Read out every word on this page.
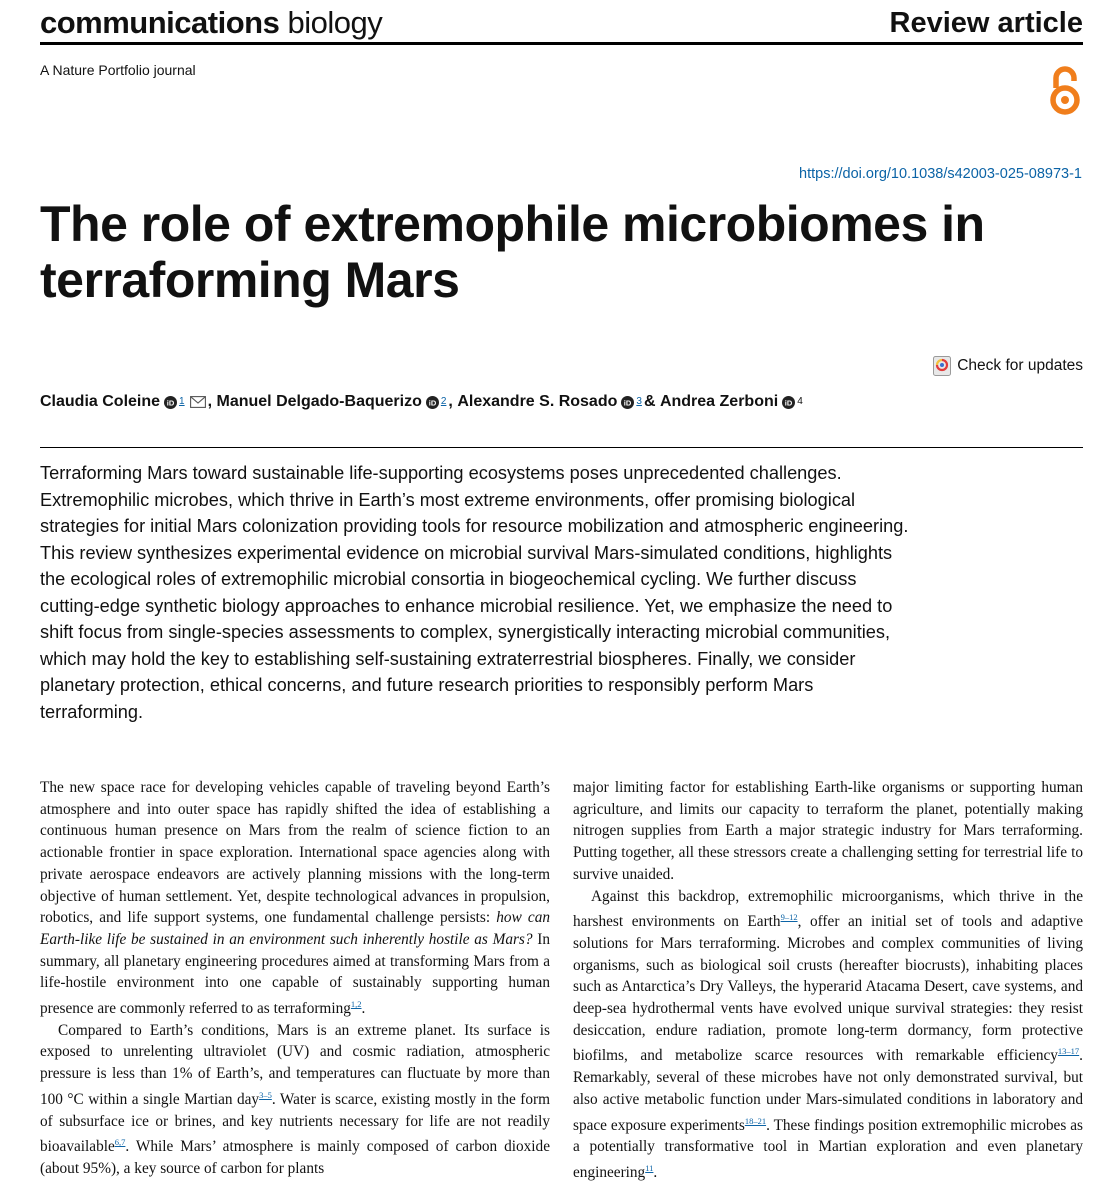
communications biology	Review article
A Nature Portfolio journal
https://doi.org/10.1038/s42003-025-08973-1
The role of extremophile microbiomes in terraforming Mars
Check for updates
Claudia Coleine iD 1 ,
Manuel Delgado-Baquerizo iD 2 ,
Alexandre S. Rosado iD 3 &
Andrea Zerboni iD 4

Terraforming Mars toward sustainable life-supporting ecosystems poses unprecedented challenges. Extremophilic microbes, which thrive in Earth’s most extreme environments, offer promising biological strategies for initial Mars colonization providing tools for resource mobilization and atmospheric engineering. This review synthesizes experimental evidence on microbial survival Mars-simulated conditions, highlights the ecological roles of extremophilic microbial consortia in biogeochemical cycling. We further discuss cutting-edge synthetic biology approaches to enhance microbial resilience. Yet, we emphasize the need to shift focus from single-species assessments to complex, synergistically interacting microbial communities, which may hold the key to establishing self-sustaining extraterrestrial biospheres. Finally, we consider planetary protection, ethical concerns, and future research priorities to responsibly perform Mars terraforming.

The new space race for developing vehicles capable of traveling beyond Earth’s atmosphere and into outer space has rapidly shifted the idea of establishing a continuous human presence on Mars from the realm of science fiction to an actionable frontier in space exploration. International space agencies along with private aerospace endeavors are actively planning missions with the long-term objective of human settlement. Yet, despite technological advances in propulsion, robotics, and life support systems, one fundamental challenge persists: how can Earth-like life be sustained in an environment such inherently hostile as Mars? In summary, all planetary engineering procedures aimed at transforming Mars from a life-hostile environment into one capable of sustainably supporting human presence are commonly referred to as terraforming$^{1,2}$.

Compared to Earth’s conditions, Mars is an extreme planet. Its surface is exposed to unrelenting ultraviolet (UV) and cosmic radiation, atmospheric pressure is less than 1% of Earth’s, and temperatures can fluctuate by more than 100 °C within a single Martian day$^{3-5}$. Water is scarce, existing mostly in the form of subsurface ice or brines, and key nutrients necessary for life are not readily bioavailable$^{6,7}$. While Mars’ atmosphere is mainly composed of carbon dioxide (about 95%), a key source of carbon for plants

major limiting factor for establishing Earth-like organisms or supporting human agriculture, and limits our capacity to terraform the planet, potentially making nitrogen supplies from Earth a major strategic industry for Mars terraforming. Putting together, all these stressors create a challenging setting for terrestrial life to survive unaided.

Against this backdrop, extremophilic microorganisms, which thrive in the harshest environments on Earth$^{9-12}$, offer an initial set of tools and adaptive solutions for Mars terraforming. Microbes and complex communities of living organisms, such as biological soil crusts (hereafter biocrusts), inhabiting places such as Antarctica’s Dry Valleys, the hyperarid Atacama Desert, cave systems, and deep-sea hydrothermal vents have evolved unique survival strategies: they resist desiccation, endure radiation, promote long-term dormancy, form protective biofilms, and metabolize scarce resources with remarkable efficiency$^{13-17}$. Remarkably, several of these microbes have not only demonstrated survival, but also active metabolic function under Mars-simulated conditions in laboratory and space exposure experiments$^{18-21}$. These findings position extremophilic microbes as a potentially transformative tool in Martian exploration and even planetary engineering$^{11}$.
